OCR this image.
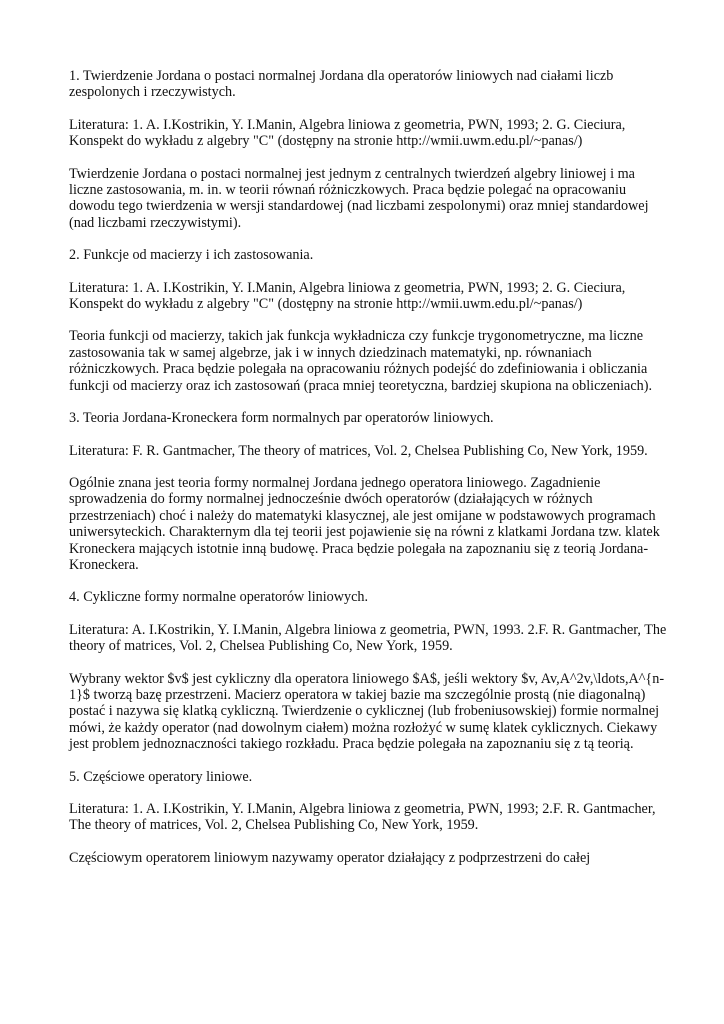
1. Twierdzenie Jordana o postaci normalnej Jordana dla operatorów liniowych nad ciałami liczb zespolonych i rzeczywistych.

Literatura: 1. A. I.Kostrikin, Y. I.Manin, Algebra liniowa z geometria, PWN, 1993; 2. G. Cieciura, Konspekt do wykładu z algebry "C" (dostępny na stronie http://wmii.uwm.edu.pl/~panas/)

Twierdzenie Jordana o postaci normalnej jest jednym z centralnych twierdzeń algebry liniowej i ma liczne zastosowania, m. in. w teorii równań różniczkowych. Praca będzie polegać na opracowaniu dowodu tego twierdzenia w wersji standardowej (nad liczbami zespolonymi) oraz mniej standardowej (nad liczbami rzeczywistymi).

2. Funkcje od macierzy i ich zastosowania.

Literatura: 1. A. I.Kostrikin, Y. I.Manin, Algebra liniowa z geometria, PWN, 1993; 2. G. Cieciura, Konspekt do wykładu z algebry "C" (dostępny na stronie http://wmii.uwm.edu.pl/~panas/)

Teoria funkcji od macierzy, takich jak funkcja wykładnicza czy funkcje trygonometryczne, ma liczne zastosowania tak w samej algebrze, jak i w innych dziedzinach matematyki, np. równaniach różniczkowych. Praca będzie polegała na opracowaniu różnych podejść do zdefiniowania i obliczania funkcji od macierzy oraz ich zastosowań (praca mniej teoretyczna, bardziej skupiona na obliczeniach).

3. Teoria Jordana-Kroneckera form normalnych par operatorów liniowych.

Literatura: F. R. Gantmacher, The theory of matrices, Vol. 2, Chelsea Publishing Co, New York, 1959.

Ogólnie znana jest teoria formy normalnej Jordana jednego operatora liniowego. Zagadnienie sprowadzenia do formy normalnej jednocześnie dwóch operatorów (działających w różnych przestrzeniach) choć i należy do matematyki klasycznej, ale jest omijane w podstawowych programach uniwersyteckich. Charakternym dla tej teorii jest pojawienie się na równi z klatkami Jordana tzw. klatek Kroneckera mających istotnie inną budowę. Praca będzie polegała na zapoznaniu się z teorią Jordana-Kroneckera.

4. Cykliczne formy normalne operatorów liniowych.

Literatura: A. I.Kostrikin, Y. I.Manin, Algebra liniowa z geometria, PWN, 1993. 2.F. R. Gantmacher, The theory of matrices, Vol. 2, Chelsea Publishing Co, New York, 1959.

Wybrany wektor $v$ jest cykliczny dla operatora liniowego $A$, jeśli wektory $v, Av,A^2v,\ldots,A^{n-1}$ tworzą bazę przestrzeni. Macierz operatora w takiej bazie ma szczególnie prostą (nie diagonalną) postać i nazywa się klatką cykliczną. Twierdzenie o cyklicznej (lub frobeniusowskiej) formie normalnej mówi, że każdy operator (nad dowolnym ciałem) można rozłożyć w sumę klatek cyklicznych. Ciekawy jest problem jednoznaczności takiego rozkładu. Praca będzie polegała na zapoznaniu się z tą teorią.

5. Częściowe operatory liniowe.

Literatura: 1. A. I.Kostrikin, Y. I.Manin, Algebra liniowa z geometria, PWN, 1993; 2.F. R. Gantmacher, The theory of matrices, Vol. 2, Chelsea Publishing Co, New York, 1959.

Częściowym operatorem liniowym nazywamy operator działający z podprzestrzeni do całej
